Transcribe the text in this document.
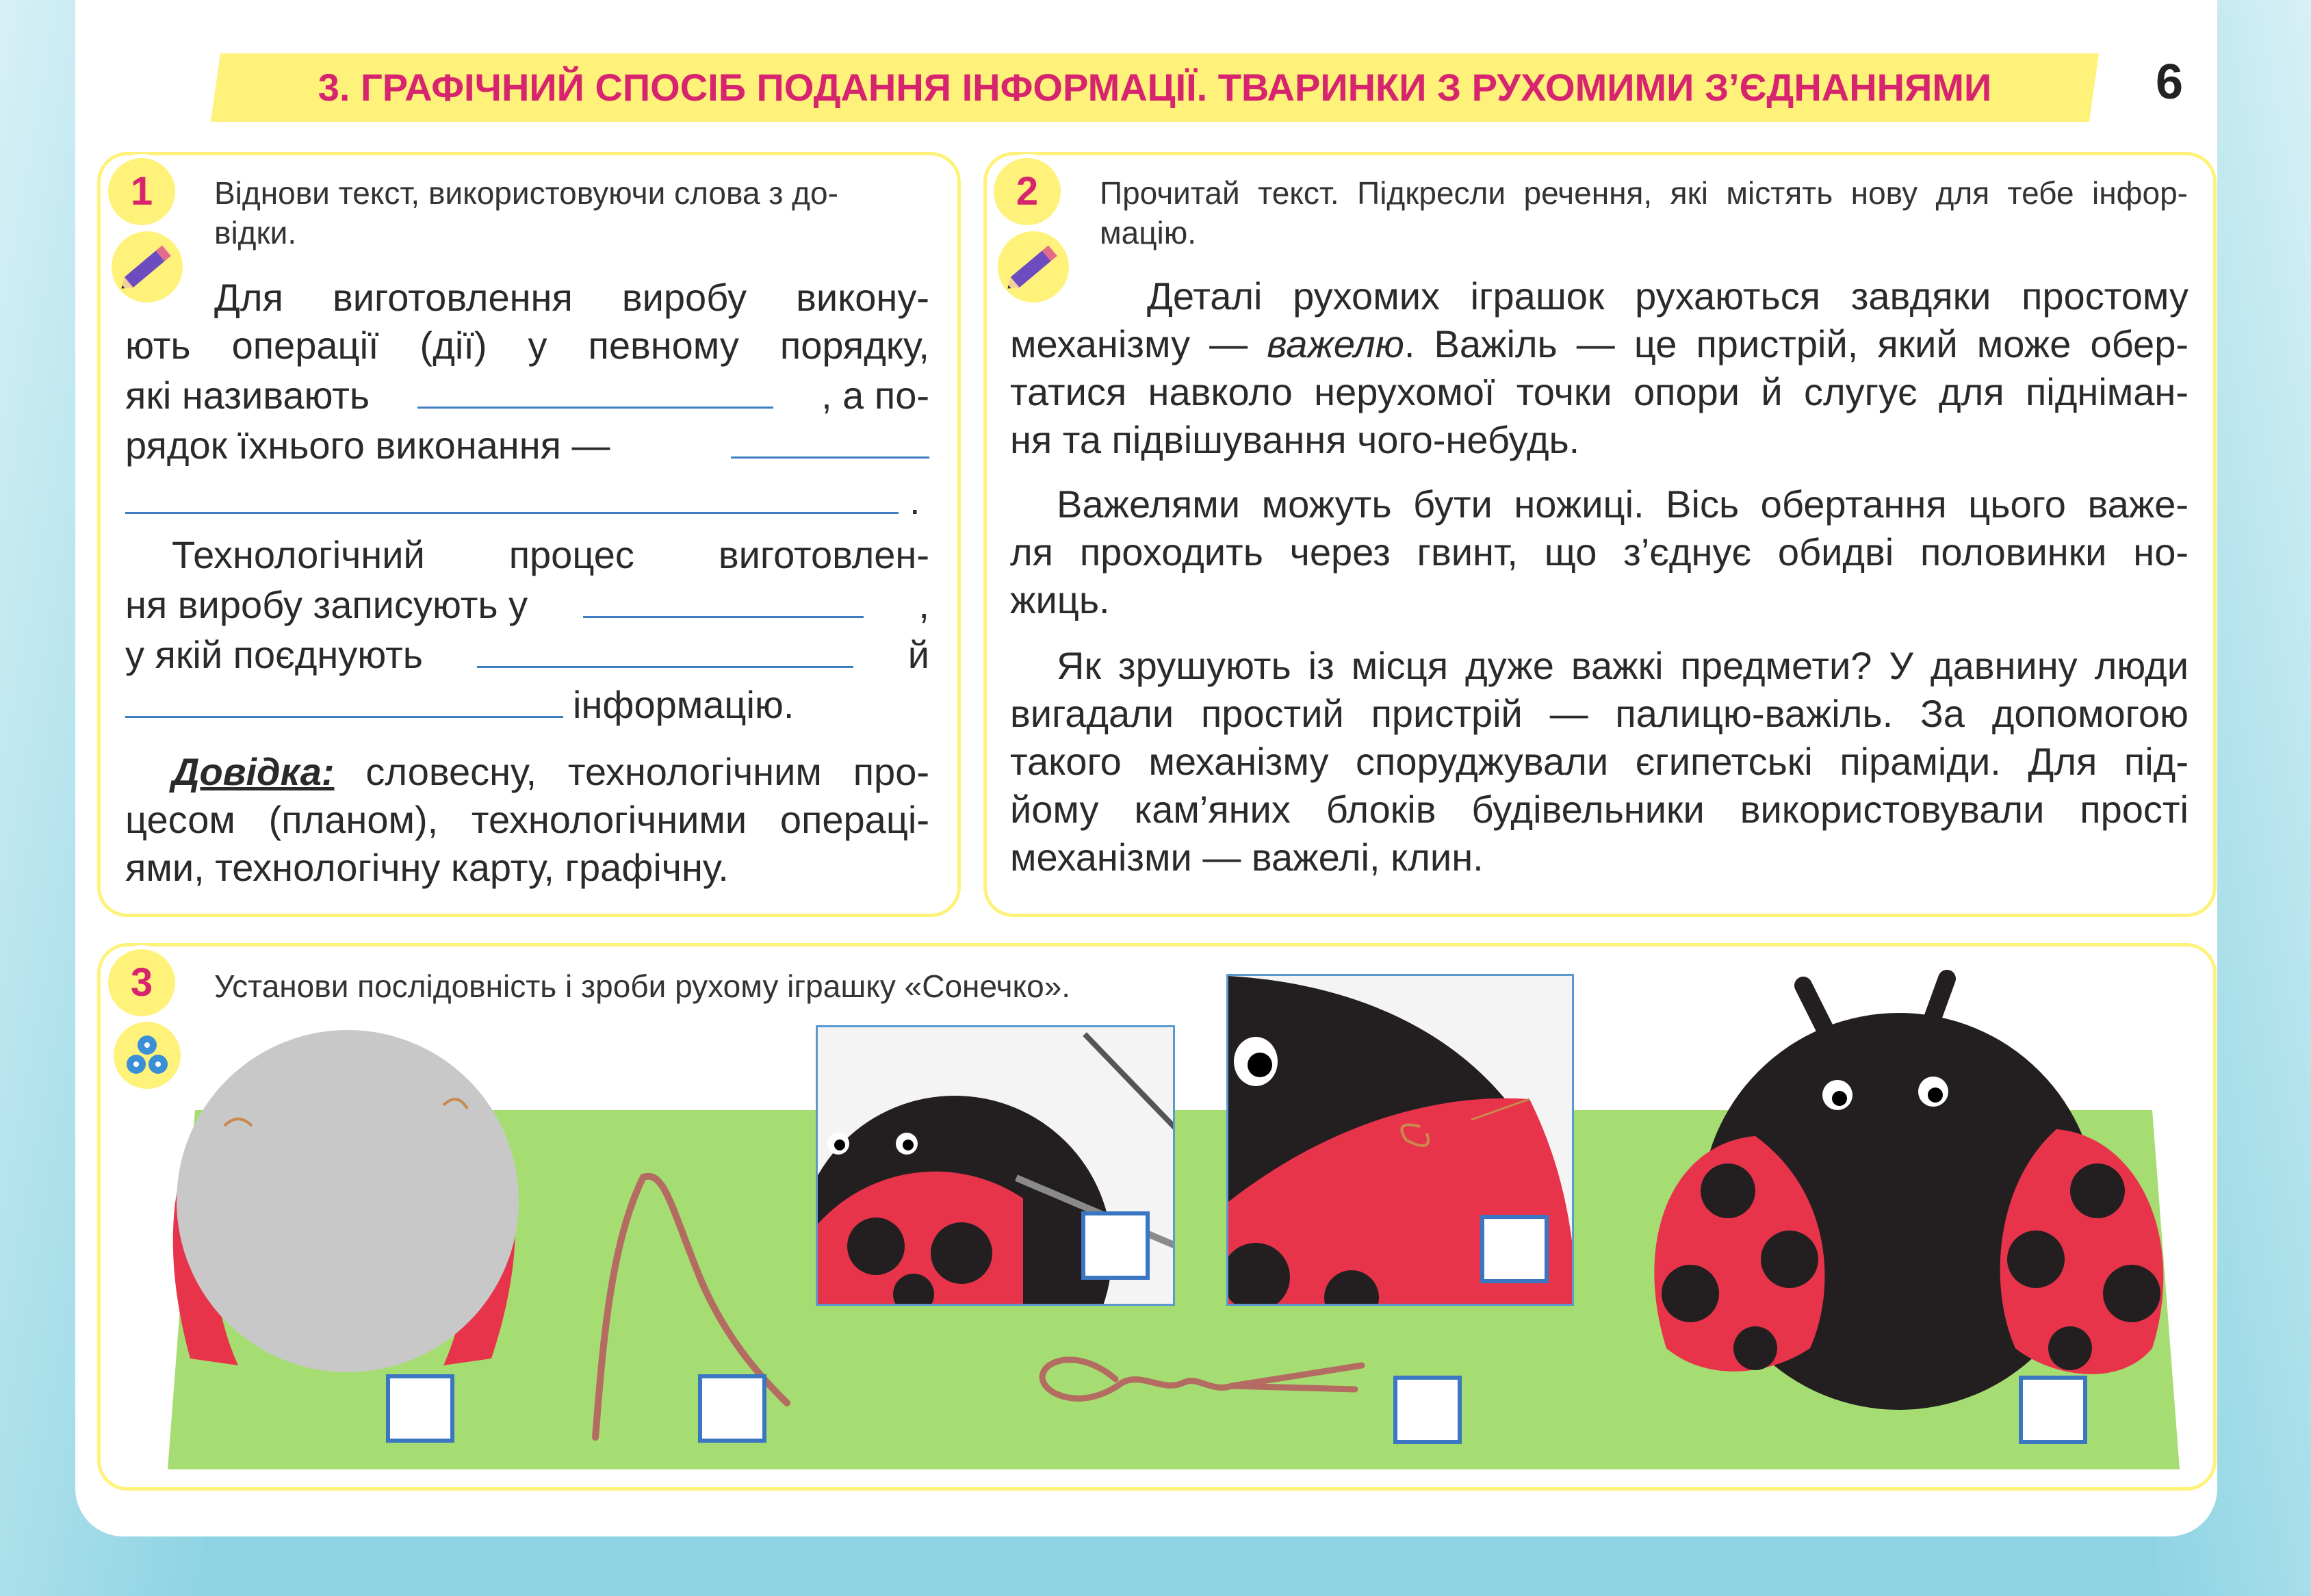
3. ГРАФІЧНИЙ СПОСІБ ПОДАННЯ ІНФОРМАЦІЇ. ТВАРИНКИ З РУХОМИМИ З’ЄДНАННЯМИ	6
1	Віднови текст, використовуючи слова з до-
відки.
Для виготовлення виробу викону-
ють операції (дії) у певному порядку,
які називають	, а по-
рядок їхнього виконання —
.
Технологічний процес виготовлен-
ня виробу записують у	,
у якій поєднують	й
інформацію.
Довідка: словесну, технологічним про-
цесом (планом), технологічними операці-
ями, технологічну карту, графічну.
2	Прочитай текст. Підкресли речення, які містять нову для тебе інфор-
мацію.
Деталі рухомих іграшок рухаються завдяки простому
механізму — важелю. Важіль — це пристрій, який може обер-
татися навколо нерухомої точки опори й слугує для підніман-
ня та підвішування чого-небудь.
Важелями можуть бути ножиці. Вісь обертання цього важе-
ля проходить через гвинт, що з’єднує обидві половинки но-
жиць.
Як зрушують із місця дуже важкі предмети? У давнину люди
вигадали простий пристрій — палицю-важіль. За допомогою
такого механізму споруджували єгипетські піраміди. Для під-
йому кам’яних блоків будівельники використовували прості
механізми — важелі, клин.
3	Установи послідовність і зроби рухому іграшку «Сонечко».
